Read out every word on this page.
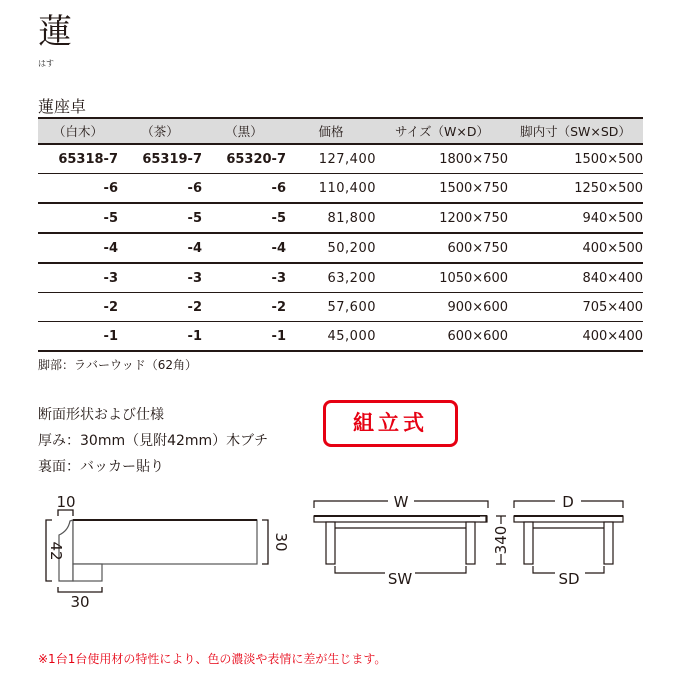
蓮
はす
蓮座卓
（白木）	（茶）	（黒）	価格	サイズ（W×D）	脚内寸（SW×SD）
65318-7	65319-7	65320-7	127,400	1800×750	1500×500
-6	-6	-6	110,400	1500×750	1250×500
-5	-5	-5	81,800	1200×750	940×500
-4	-4	-4	50,200	600×750	400×500
-3	-3	-3	63,200	1050×600	840×400
-2	-2	-2	57,600	900×600	705×400
-1	-1	-1	45,000	600×600	400×400
脚部：ラバーウッド（62角）
断面形状および仕様
厚み：30mm（見附42mm）木ブチ
裏面：バッカー貼り
組立式
10
42	30
30
W
SW
D
SD
340
※1台1台使用材の特性により、色の濃淡や表情に差が生じます。
